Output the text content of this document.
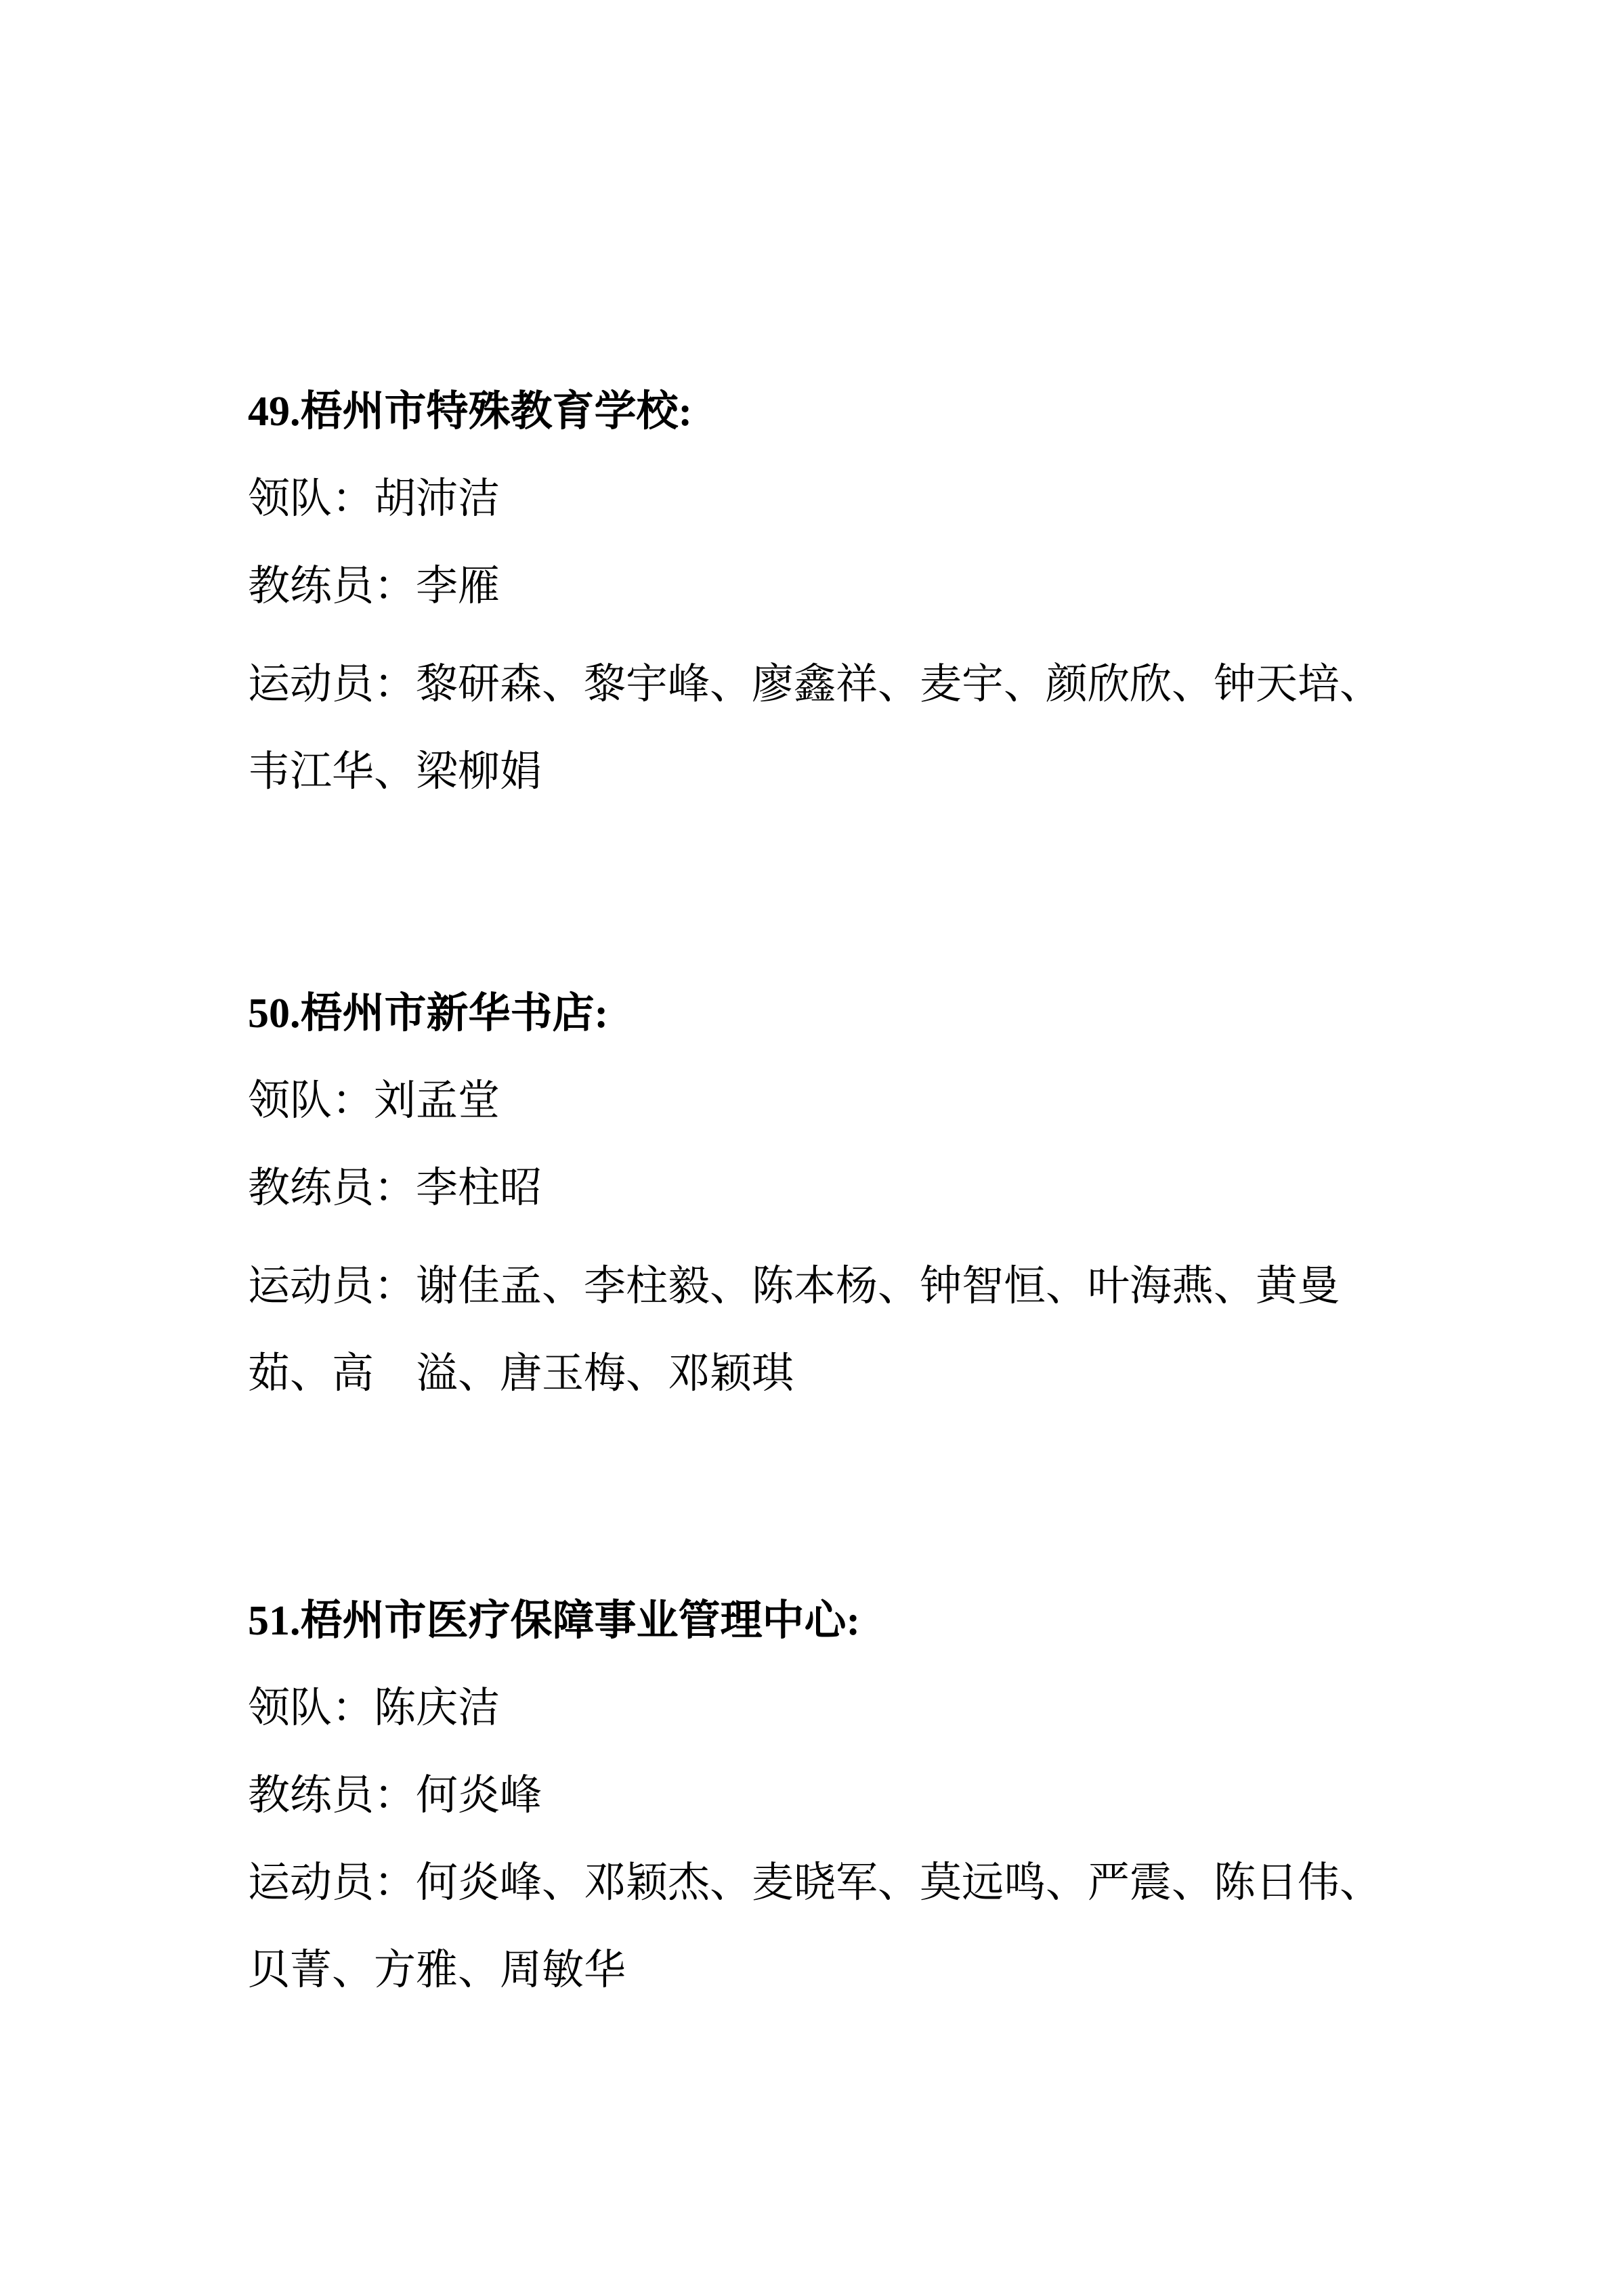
49.梧州市特殊教育学校:
领队：胡沛洁
教练员：李雁
运动员：黎研森、黎宇峰、廖鑫祥、麦宇、颜欣欣、钟天培、
韦江华、梁柳娟
50.梧州市新华书店:
领队：刘孟堂
教练员：李柱昭
运动员：谢佳孟、李柱毅、陈本杨、钟智恒、叶海燕、黄曼
茹、高　溢、唐玉梅、邓颖琪
51.梧州市医疗保障事业管理中心:
领队：陈庆洁
教练员：何炎峰
运动员：何炎峰、邓颖杰、麦晓军、莫远鸣、严震、陈日伟、
贝菁、方雅、周敏华
